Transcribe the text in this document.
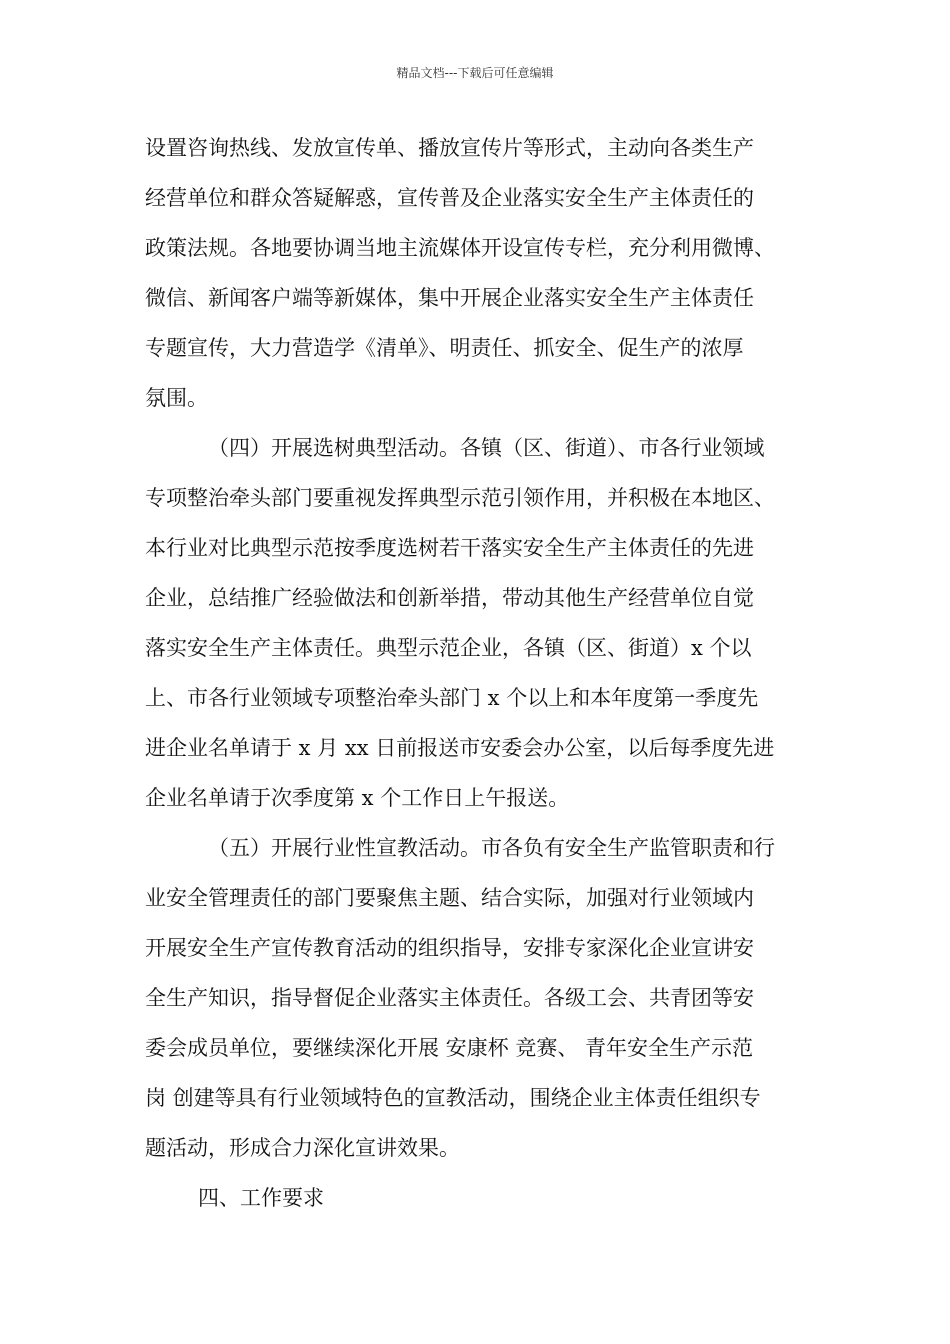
精品文档---下载后可任意编辑
设置咨询热线、发放宣传单、播放宣传片等形式，主动向各类生产
经营单位和群众答疑解惑，宣传普及企业落实安全生产主体责任的
政策法规。各地要协调当地主流媒体开设宣传专栏，充分利用微博、
微信、新闻客户端等新媒体，集中开展企业落实安全生产主体责任
专题宣传，大力营造学《清单》、明责任、抓安全、促生产的浓厚
氛围。
（四）开展选树典型活动。各镇（区、街道）、市各行业领域
专项整治牵头部门要重视发挥典型示范引领作用，并积极在本地区、
本行业对比典型示范按季度选树若干落实安全生产主体责任的先进
企业，总结推广经验做法和创新举措，带动其他生产经营单位自觉
落实安全生产主体责任。典型示范企业，各镇（区、街道）x 个以
上、市各行业领域专项整治牵头部门 x 个以上和本年度第一季度先
进企业名单请于 x 月 xx 日前报送市安委会办公室，以后每季度先进
企业名单请于次季度第 x 个工作日上午报送。
（五）开展行业性宣教活动。市各负有安全生产监管职责和行
业安全管理责任的部门要聚焦主题、结合实际，加强对行业领域内
开展安全生产宣传教育活动的组织指导，安排专家深化企业宣讲安
全生产知识，指导督促企业落实主体责任。各级工会、共青团等安
委会成员单位，要继续深化开展 安康杯 竞赛、 青年安全生产示范
岗 创建等具有行业领域特色的宣教活动，围绕企业主体责任组织专
题活动，形成合力深化宣讲效果。
四、工作要求
